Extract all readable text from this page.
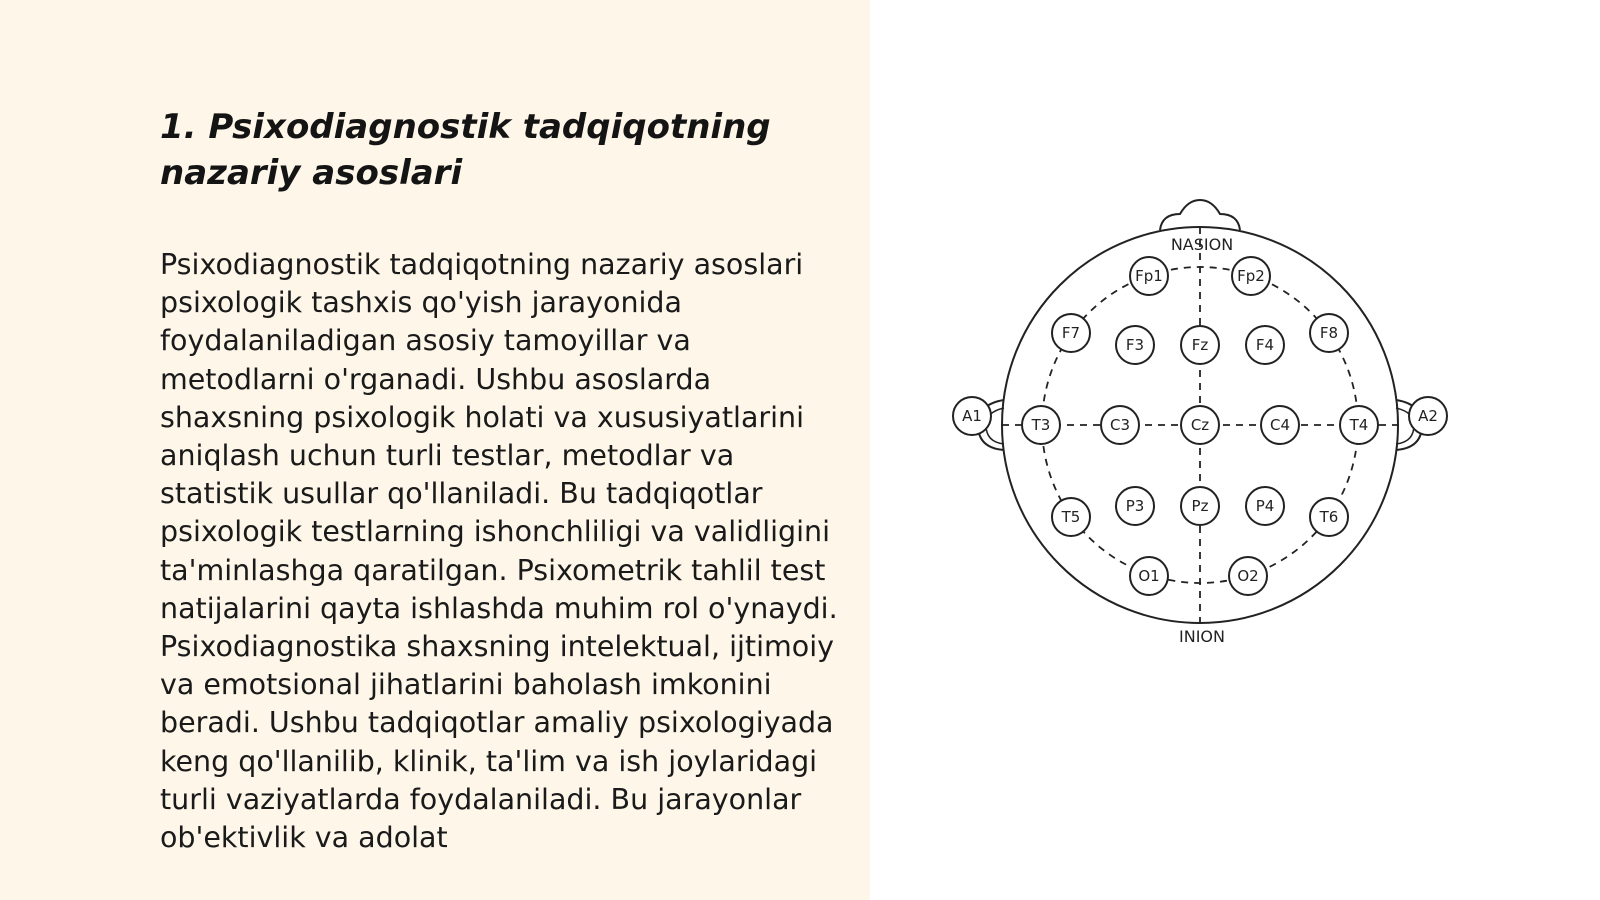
1. Psixodiagnostik tadqiqotning nazariy asoslari

Psixodiagnostik tadqiqotning nazariy asoslari psixologik tashxis qo'yish jarayonida foydalaniladigan asosiy tamoyillar va metodlarni o'rganadi. Ushbu asoslarda shaxsning psixologik holati va xususiyatlarini aniqlash uchun turli testlar, metodlar va statistik usullar qo'llaniladi. Bu tadqiqotlar psixologik testlarning ishonchliligi va validligini ta'minlashga qaratilgan. Psixometrik tahlil test natijalarini qayta ishlashda muhim rol o'ynaydi. Psixodiagnostika shaxsning intelektual, ijtimoiy va emotsional jihatlarini baholash imkonini beradi. Ushbu tadqiqotlar amaliy psixologiyada keng qo'llanilib, klinik, ta'lim va ish joylaridagi turli vaziyatlarda foydalaniladi. Bu jarayonlar ob'ektivlik va adolat

NASION
INION
Fp1	Fp2
F7
F3	Fz	F4
F8
A1	T3	C3	Cz	C4	T4	A2
T5
P3	Pz	P4
T6
O1	O2
